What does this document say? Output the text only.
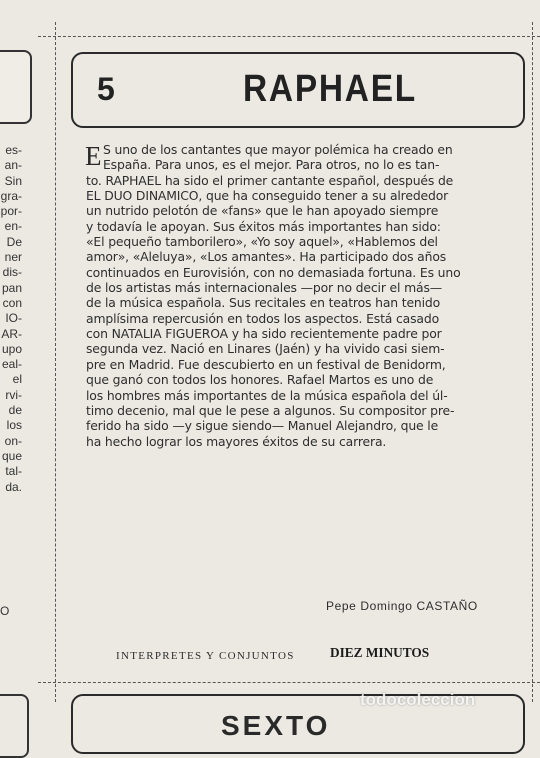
es-
an-
Sin
gra-
por-
en-
De
ner
dis-
pan
con
IO-
AR-
upo
eal-
el
rvi-
de
los
on-
que
tal-
da.
O
5	RAPHAEL
E S uno de los cantantes que mayor polémica ha creado en
España. Para unos, es el mejor. Para otros, no lo es tan-
to. RAPHAEL ha sido el primer cantante español, después de
EL DUO DINAMICO, que ha conseguido tener a su alrededor
un nutrido pelotón de «fans» que le han apoyado siempre
y todavía le apoyan. Sus éxitos más importantes han sido:
«El pequeño tamborilero», «Yo soy aquel», «Hablemos del
amor», «Aleluya», «Los amantes». Ha participado dos años
continuados en Eurovisión, con no demasiada fortuna. Es uno
de los artistas más internacionales —por no decir el más—
de la música española. Sus recitales en teatros han tenido
amplísima repercusión en todos los aspectos. Está casado
con NATALIA FIGUEROA y ha sido recientemente padre por
segunda vez. Nació en Linares (Jaén) y ha vivido casi siem-
pre en Madrid. Fue descubierto en un festival de Benidorm,
que ganó con todos los honores. Rafael Martos es uno de
los hombres más importantes de la música española del úl-
timo decenio, mal que le pese a algunos. Su compositor pre-
ferido ha sido —y sigue siendo— Manuel Alejandro, que le
ha hecho lograr los mayores éxitos de su carrera.
Pepe Domingo CASTAÑO
INTERPRETES Y CONJUNTOS	DIEZ MINUTOS
SEXTO
todocoleccion
